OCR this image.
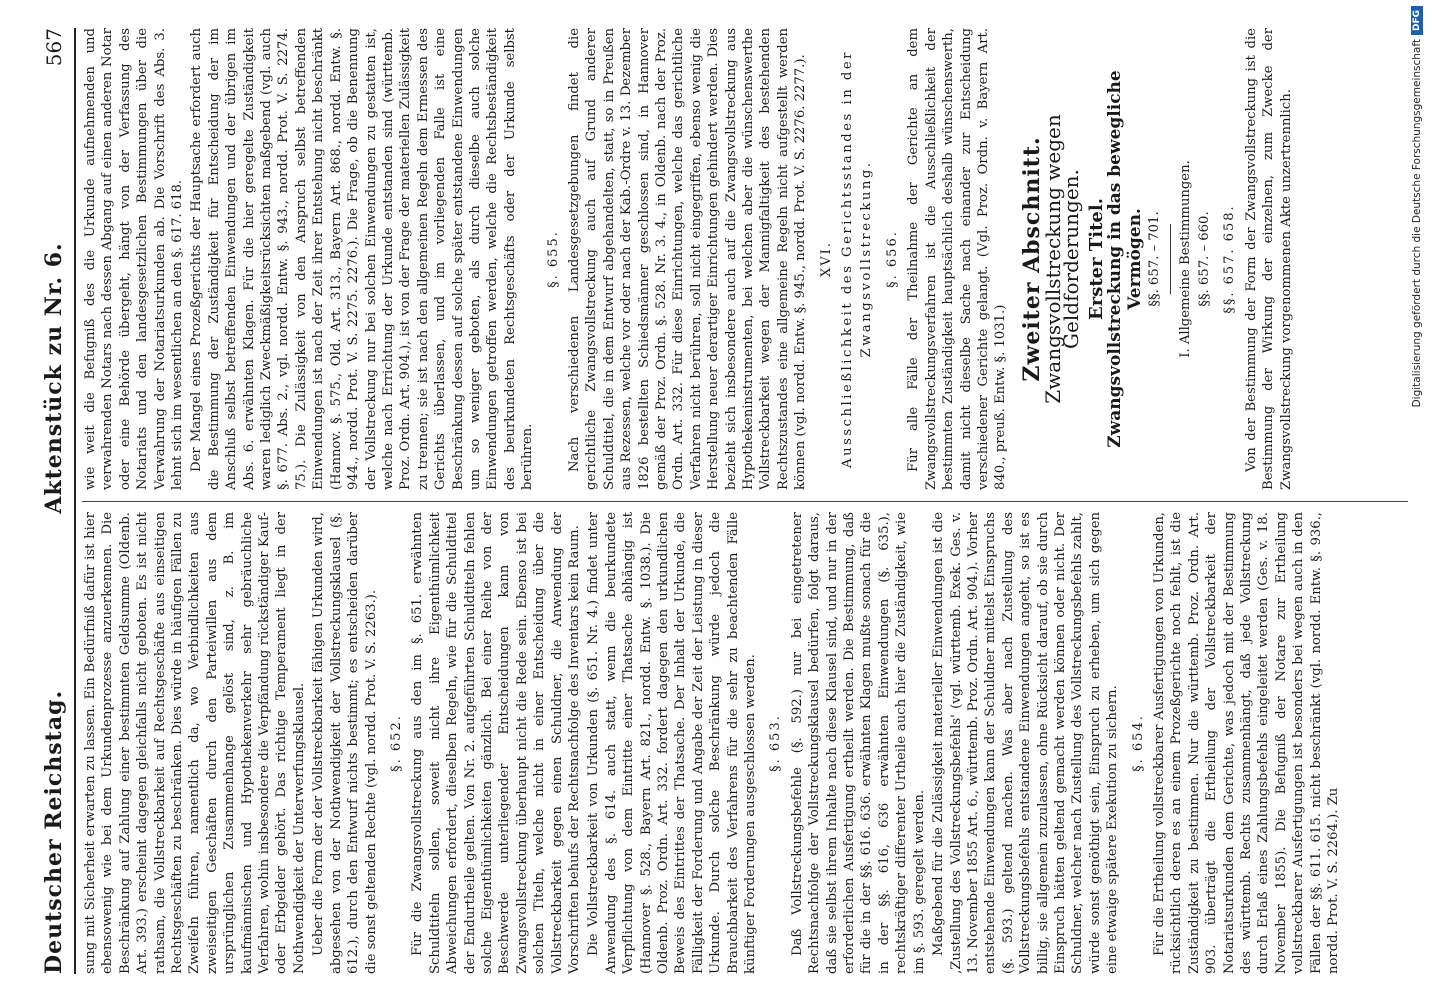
Deutscher Reichstag.
Aktenstück zu Nr. 6.
567

sung mit Sicherheit erwarten zu lassen. Ein Bedürfniß dafür ist hier ebensowenig wie bei dem Urkundenprozesse anzuerkennen. Die Beschränkung auf Zahlung einer bestimmten Geldsumme (Oldenb. Art. 393.) erscheint dagegen gleichfalls nicht geboten. Es ist nicht rathsam, die Vollstreckbarkeit auf Rechtsgeschäfte aus einseitigen Rechtsgeschäften zu beschränken. Dies würde in häufigen Fällen zu Zweifeln führen, namentlich da, wo Verbindlichkeiten aus zweiseitigen Geschäften durch den Parteiwillen aus dem ursprünglichen Zusammenhange gelöst sind, z. B. im kaufmännischen und Hypothekenverkehr sehr gebräuchliche Verfahren, wohin insbesondere die Verpfändung rückständiger Kauf- oder Erbgelder gehört. Das richtige Temperament liegt in der Nothwendigkeit der Unterwerfungsklausel. Ueber die Form der der Vollstreckbarkeit fähigen Urkunden wird, abgesehen von der Nothwendigkeit der Vollstreckungsklausel (§. 612.), durch den Entwurf nichts bestimmt; es entscheiden darüber die sonst geltenden Rechte (vgl. nordd. Prot. V. S. 2263.). §. 652. Für die Zwangsvollstreckung aus den im §. 651. erwähnten Schuldtiteln sollen, soweit nicht ihre Eigenthümlichkeit Abweichungen erfordert, dieselben Regeln, wie für die Schuldtitel der Endurtheile gelten. Von Nr. 2. aufgeführten Schuldtiteln fehlen solche Eigenthümlichkeiten gänzlich. Bei einer Reihe von der Beschwerde unterliegender Entscheidungen kann von Zwangsvollstreckung überhaupt nicht die Rede sein. Ebenso ist bei solchen Titeln, welche nicht in einer Entscheidung über die Vollstreckbarkeit gegen einen Schuldner, die Anwendung der Vorschriften behufs der Rechtsnachfolge des Inventars kein Raum. Die Vollstreckbarkeit von Urkunden (§. 651. Nr. 4.) findet unter Anwendung des §. 614. auch statt, wenn die beurkundete Verpflichtung von dem Eintritte einer Thatsache abhängig ist (Hannover §. 528., Bayern Art. 821., nordd. Entw. §. 1038.). Die Oldenb. Proz. Ordn. Art. 332. fordert dagegen den urkundlichen Beweis des Eintrittes der Thatsache. Der Inhalt der Urkunde, die Fälligkeit der Forderung und Angabe der Zeit der Leistung in dieser Urkunde. Durch solche Beschränkung würde jedoch die Brauchbarkeit des Verfahrens für die sehr zu beachtenden Fälle künftiger Forderungen ausgeschlossen werden. §. 653. Daß Vollstreckungsbefehle (§. 592.) nur bei eingetretener Rechtsnachfolge der Vollstreckungsklausel bedürfen, folgt daraus, daß sie selbst ihrem Inhalte nach diese Klausel sind, und nur in der erforderlichen Ausfertigung ertheilt werden. Die Bestimmung, daß für die in der §§. 616. 636. erwähnten Klagen mußte sonach für die in der §§. 616, 636 erwähnten Einwendungen (§. 635.), rechtskräftiger differenter Urtheile auch hier die Zuständigkeit, wie im §. 593. geregelt werden. Maßgebend für die Zulässigkeit materieller Einwendungen ist die ‚Zustellung des Vollstreckungsbefehls' (vgl. württemb. Exek. Ges. v. 13. November 1855 Art. 6., württemb. Proz. Ordn. Art. 904.). Vorher entstehende Einwendungen kann der Schuldner mittelst Einspruchs (§. 593.) geltend machen. Was aber nach Zustellung des Vollstreckungsbefehls entstandene Einwendungen angeht, so ist es billig, sie allgemein zuzulassen, ohne Rücksicht darauf, ob sie durch Einspruch hätten geltend gemacht werden können oder nicht. Der Schuldner, welcher nach Zustellung des Vollstreckungsbefehls zahlt, würde sonst genöthigt sein, Einspruch zu erheben, um sich gegen eine etwaige spätere Exekution zu sichern. §. 654. Für die Ertheilung vollstreckbarer Ausfertigungen von Urkunden, rücksichtlich deren es an einem Prozeßgerichte noch fehlt, ist die Zuständigkeit zu bestimmen. Nur die württemb. Proz. Ordn. Art. 903. überträgt die Ertheilung der Vollstreckbarkeit der Notariatsurkunden dem Gerichte, was jedoch mit der Bestimmung des württemb. Rechts zusammenhängt, daß jede Vollstreckung durch Erlaß eines Zahlungsbefehls eingeleitet werden (Ges. v. 18. November 1855). Die Befugniß der Notare zur Ertheilung vollstreckbarer Ausfertigungen ist besonders bei wegen auch in den Fällen der §§. 611. 615. nicht beschränkt (vgl. nordd. Entw. §. 936., nordd. Prot. V. S. 2264.). Zu

wie weit die Befugniß des die Urkunde aufnehmenden und verwahrenden Notars nach dessen Abgang auf einen anderen Notar oder eine Behörde übergeht, hängt von der Verfassung des Notariats und den landesgesetzlichen Bestimmungen über die Verwahrung der Notariatsurkunden ab. Die Vorschrift des Abs. 3. lehnt sich im wesentlichen an den §. 617. 618. Der Mangel eines Prozeßgerichts der Hauptsache erfordert auch die Bestimmung der Zuständigkeit für Entscheidung der im Anschluß selbst betreffenden Einwendungen und der übrigen im Abs. 6. erwähnten Klagen. Für die hier geregelte Zuständigkeit waren lediglich Zweckmäßigkeitsrücksichten maßgebend (vgl. auch §. 677. Abs. 2., vgl. nordd. Entw. §. 943., nordd. Prot. V. S. 2274. 75.). Die Zulässigkeit von den Anspruch selbst betreffenden Einwendungen ist nach der Zeit ihrer Entstehung nicht beschränkt (Hannov. §. 575., Old. Art. 313., Bayern Art. 868., nordd. Entw. §. 944., nordd. Prot. V. S. 2275. 2276.). Die Frage, ob die Benennung der Vollstreckung nur bei solchen Einwendungen zu gestatten ist, welche nach Errichtung der Urkunde entstanden sind (württemb. Proz. Ordn. Art. 904.), ist von der Frage der materiellen Zulässigkeit zu trennen; sie ist nach den allgemeinen Regeln dem Ermessen des Gerichts überlassen, und im vorliegenden Falle ist eine Beschränkung dessen auf solche später entstandene Einwendungen um so weniger geboten, als durch dieselbe auch solche Einwendungen getroffen werden, welche die Rechtsbeständigkeit des beurkundeten Rechtsgeschäfts oder der Urkunde selbst berühren.

§. 655. Nach verschiedenen Landesgesetzgebungen findet die gerichtliche Zwangsvollstreckung auch auf Grund anderer Schuldtitel, die in dem Entwurf abgehandelten, statt, so in Preußen aus Rezessen, welche vor oder nach der Kab.-Ordre v. 13. Dezember 1826 bestellten Schiedsmänner geschlossen sind, in Hannover gemäß der Proz. Ordn. §. 528. Nr. 3. 4., in Oldenb. nach der Proz. Ordn. Art. 332. Für diese Einrichtungen, welche das gerichtliche Verfahren nicht berühren, soll nicht eingegriffen, ebenso wenig die Herstellung neuer derartiger Einrichtungen gehindert werden. Dies bezieht sich insbesondere auch auf die Zwangsvollstreckung aus Hypothekeninstrumenten, bei welchen aber die wünschenswerthe Vollstreckbarkeit wegen der Mannigfaltigkeit des bestehenden Rechtszustandes eine allgemeine Regeln nicht aufgestellt werden können (vgl. nordd. Entw. §. 945., nordd. Prot. V. S. 2276. 2277.). XVI. Ausschließlichkeit des Gerichtsstandes in der Zwangsvollstreckung. §. 656. Für alle Fälle der Theilnahme der Gerichte an dem Zwangsvollstreckungsverfahren ist die Ausschließlichkeit der bestimmten Zuständigkeit hauptsächlich deshalb wünschenswerth, damit nicht dieselbe Sache nach einander zur Entscheidung verschiedener Gerichte gelangt. (Vgl. Proz. Ordn. v. Bayern Art. 840., preuß. Entw. §. 1031.)

Zweiter Abschnitt.
Zwangsvollstreckung wegen Geldforderungen. Erster Titel.
Zwangsvollstreckung in das bewegliche Vermögen. §§. 657. – 701. I. Allgemeine Bestimmungen. §§. 657. – 660. §§. 657. 658. Von der Bestimmung der Form der Zwangsvollstreckung ist die Bestimmung der Wirkung der einzelnen, zum Zwecke der Zwangsvollstreckung vorgenommenen Akte unzertrennlich.	Digitalisierung gefördert durch die Deutsche Forschungsgemeinschaft
DFG
